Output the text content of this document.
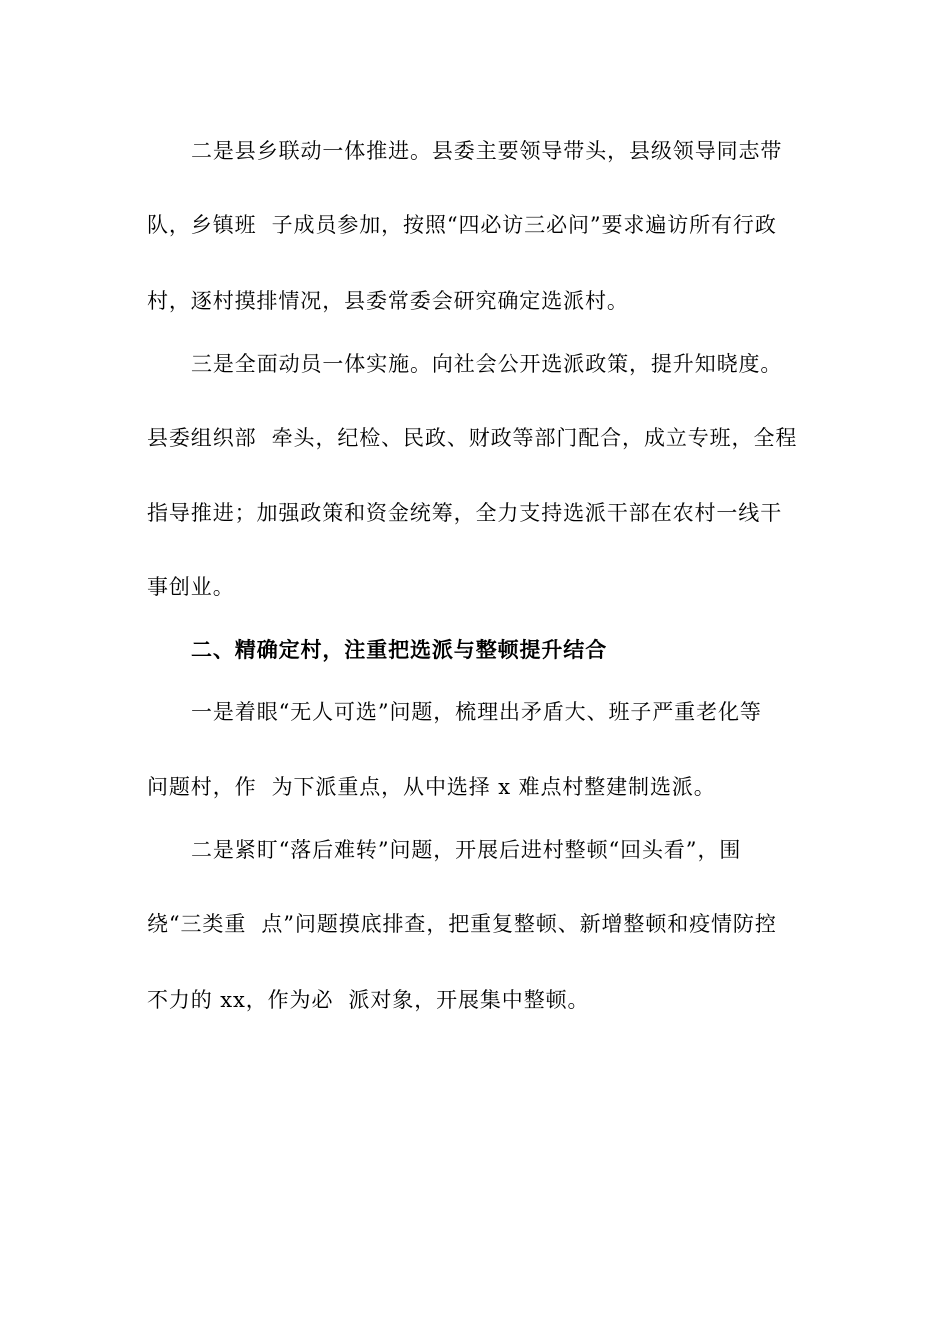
二是县乡联动一体推进。县委主要领导带头，县级领导同志带
队，乡镇班  子成员参加，按照“四必访三必问”要求遍访所有行政
村，逐村摸排情况，县委常委会研究确定选派村。
三是全面动员一体实施。向社会公开选派政策，提升知晓度。
县委组织部  牵头，纪检、民政、财政等部门配合，成立专班，全程
指导推进；加强政策和资金统筹，全力支持选派干部在农村一线干
事创业。
二、精确定村，注重把选派与整顿提升结合
一是着眼“无人可选”问题，梳理出矛盾大、班子严重老化等
问题村，作  为下派重点，从中选择 x 难点村整建制选派。
二是紧盯“落后难转”问题，开展后进村整顿“回头看”，围
绕“三类重  点”问题摸底排查，把重复整顿、新增整顿和疫情防控
不力的 xx，作为必  派对象，开展集中整顿。
